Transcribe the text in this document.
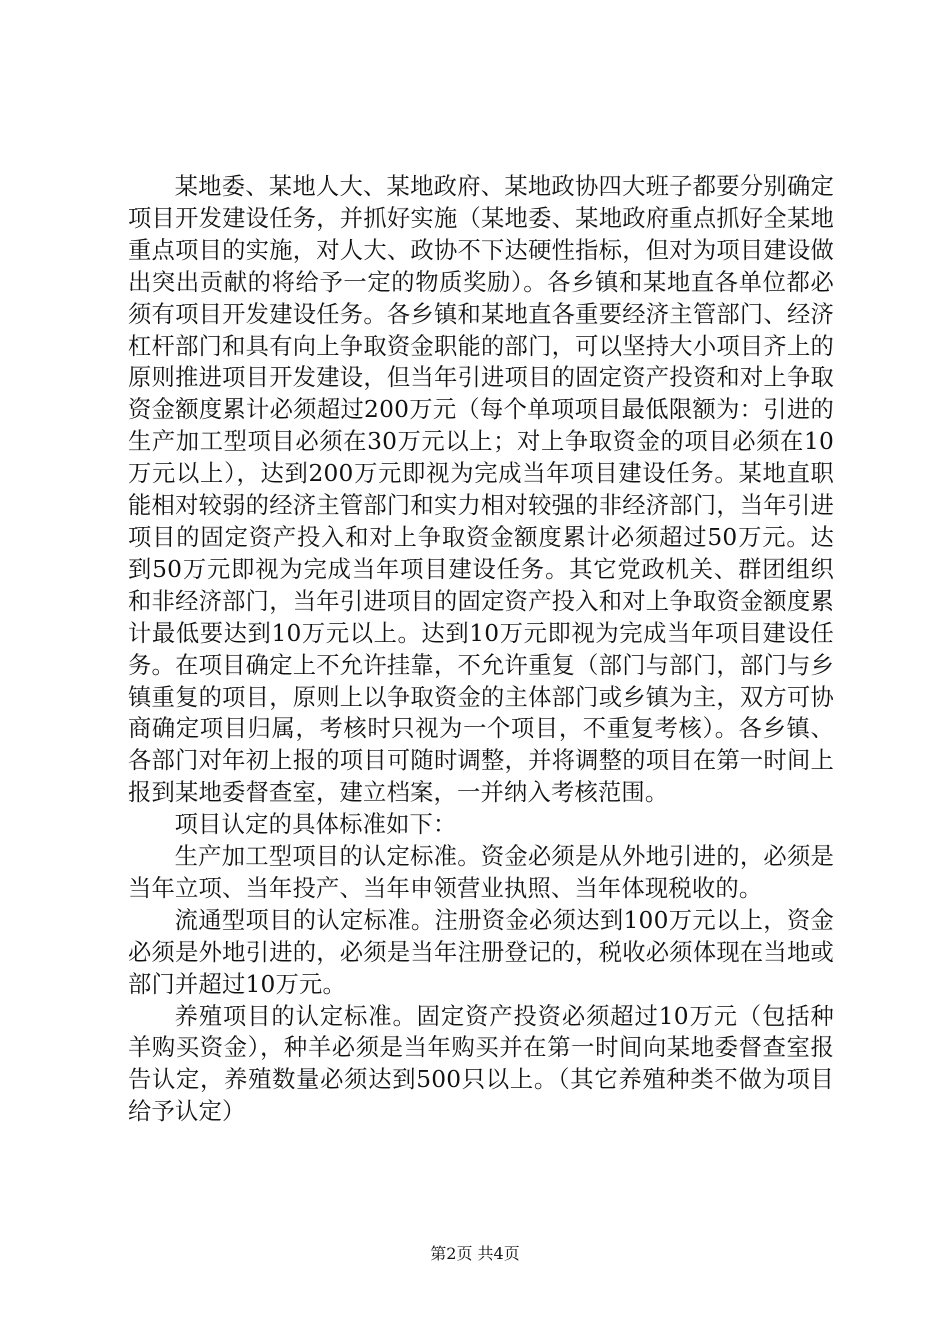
某地委、某地人大、某地政府、某地政协四大班子都要分别确定项目开发建设任务，并抓好实施（某地委、某地政府重点抓好全某地重点项目的实施，对人大、政协不下达硬性指标，但对为项目建设做出突出贡献的将给予一定的物质奖励）。各乡镇和某地直各单位都必须有项目开发建设任务。各乡镇和某地直各重要经济主管部门、经济杠杆部门和具有向上争取资金职能的部门，可以坚持大小项目齐上的原则推进项目开发建设，但当年引进项目的固定资产投资和对上争取资金额度累计必须超过200万元（每个单项项目最低限额为：引进的生产加工型项目必须在30万元以上；对上争取资金的项目必须在10万元以上），达到200万元即视为完成当年项目建设任务。某地直职能相对较弱的经济主管部门和实力相对较强的非经济部门，当年引进项目的固定资产投入和对上争取资金额度累计必须超过50万元。达到50万元即视为完成当年项目建设任务。其它党政机关、群团组织和非经济部门，当年引进项目的固定资产投入和对上争取资金额度累计最低要达到10万元以上。达到10万元即视为完成当年项目建设任务。在项目确定上不允许挂靠，不允许重复（部门与部门，部门与乡镇重复的项目，原则上以争取资金的主体部门或乡镇为主，双方可协商确定项目归属，考核时只视为一个项目，不重复考核）。各乡镇、各部门对年初上报的项目可随时调整，并将调整的项目在第一时间上报到某地委督查室，建立档案，一并纳入考核范围。

项目认定的具体标准如下：

生产加工型项目的认定标准。资金必须是从外地引进的，必须是当年立项、当年投产、当年申领营业执照、当年体现税收的。

流通型项目的认定标准。注册资金必须达到100万元以上，资金必须是外地引进的，必须是当年注册登记的，税收必须体现在当地或部门并超过10万元。

养殖项目的认定标准。固定资产投资必须超过10万元（包括种羊购买资金），种羊必须是当年购买并在第一时间向某地委督查室报告认定，养殖数量必须达到500只以上。（其它养殖种类不做为项目给予认定）

第2页 共4页
